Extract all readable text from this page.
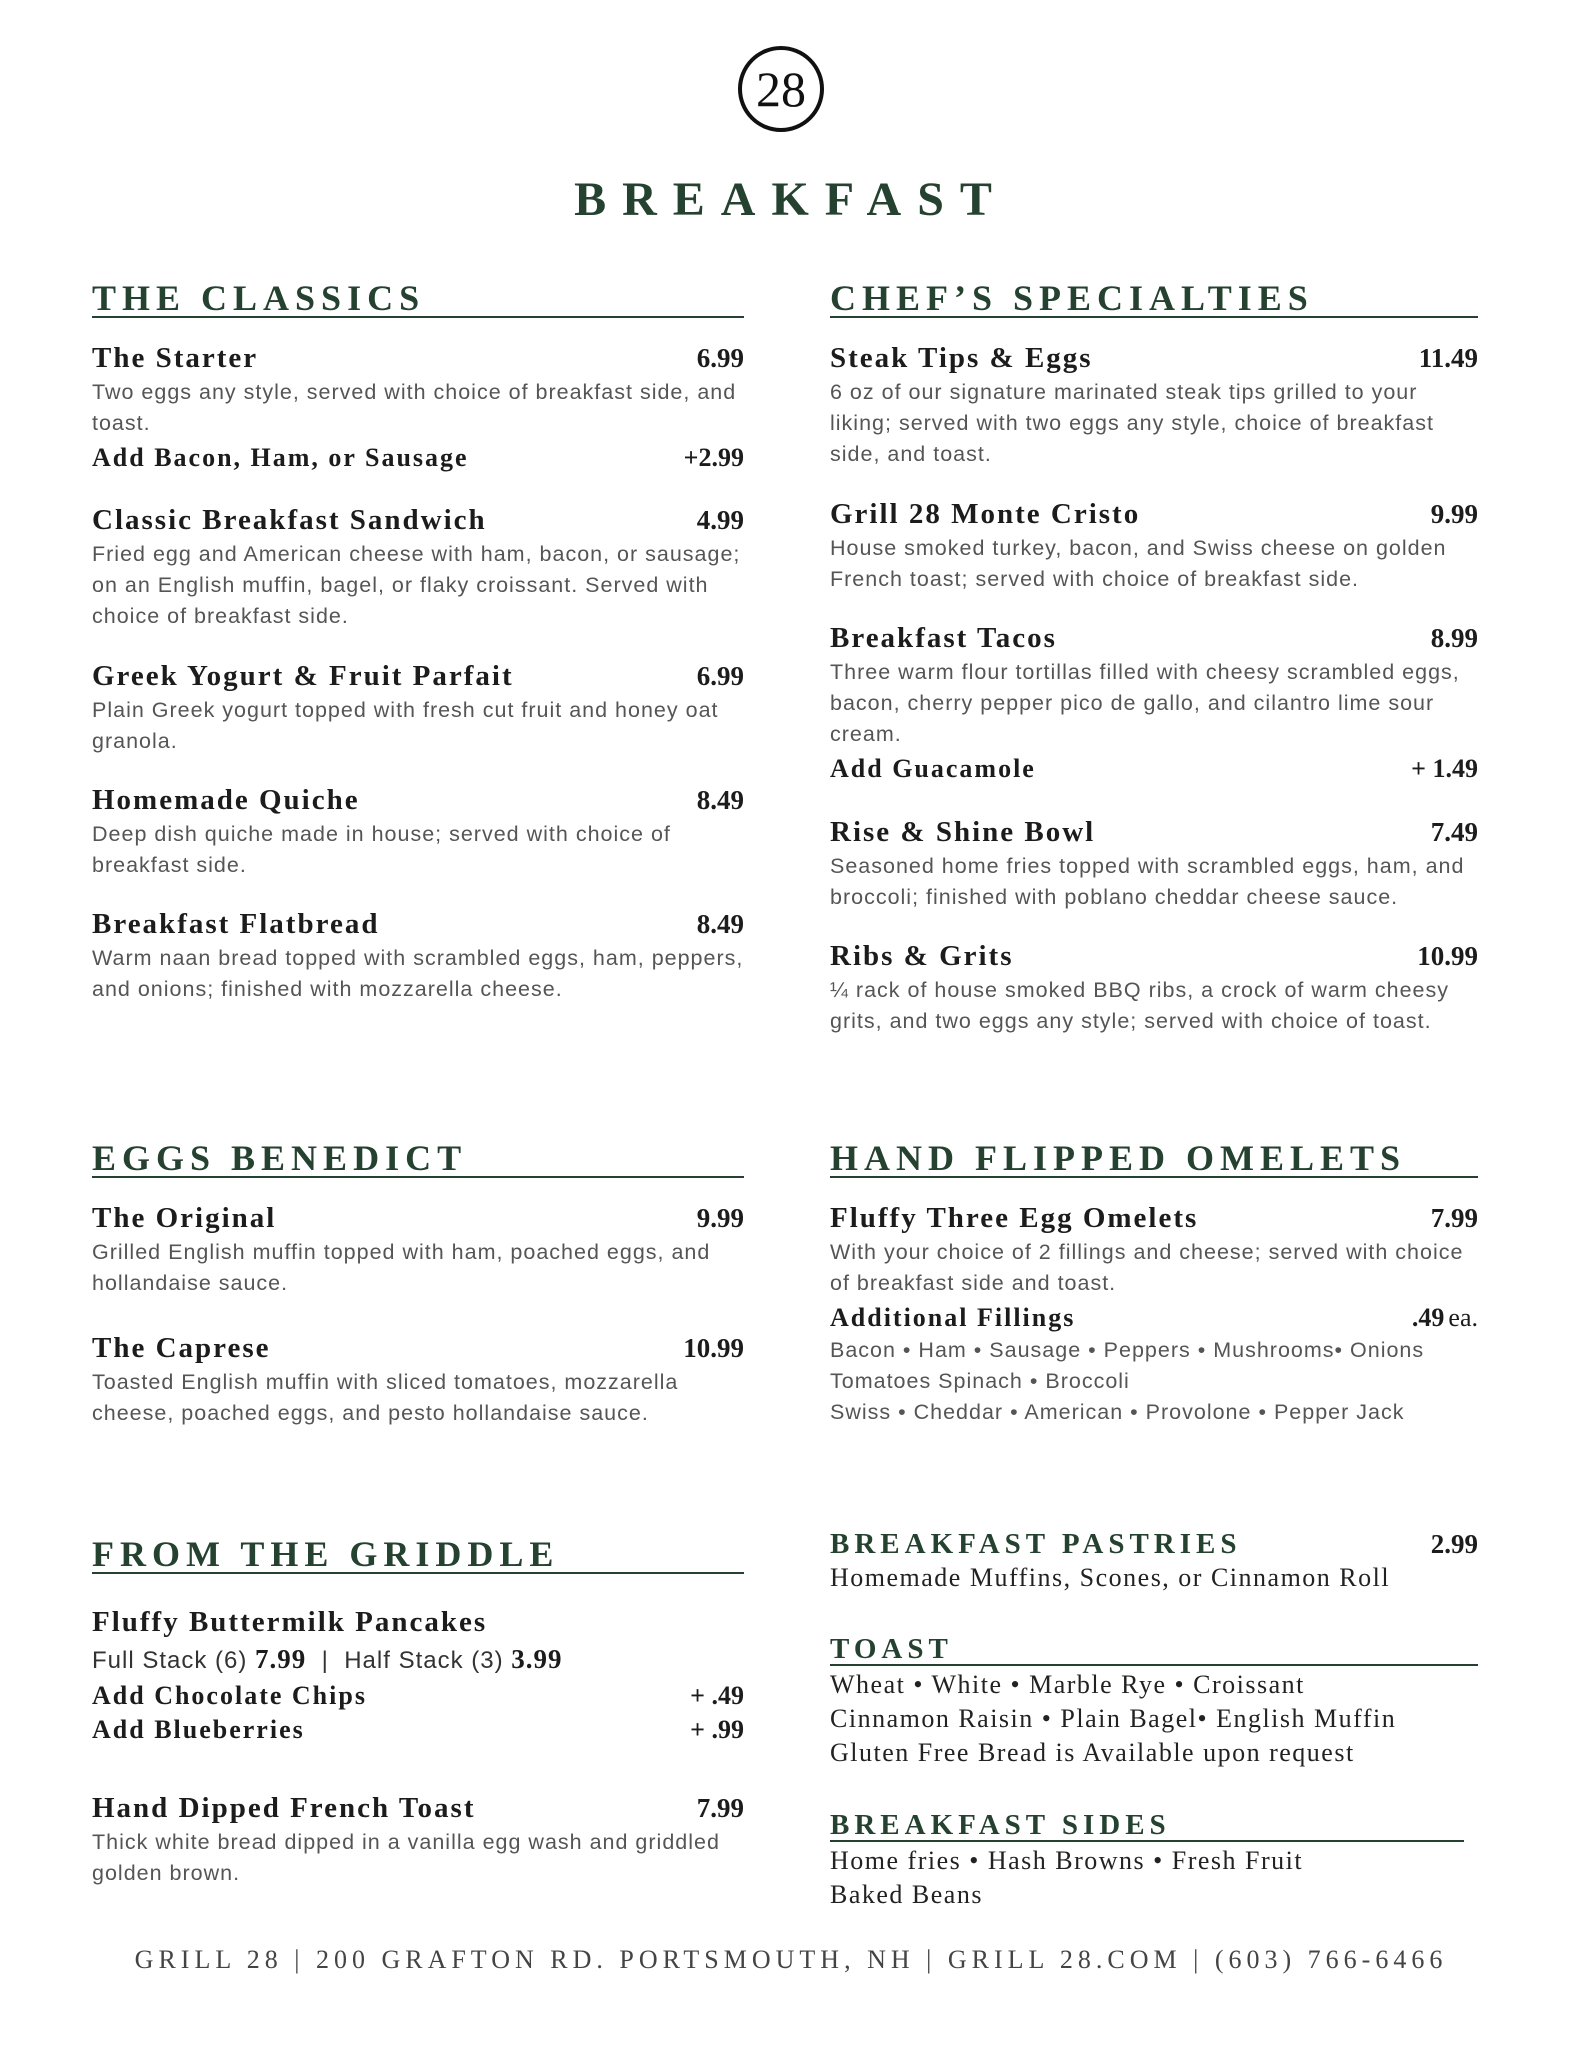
28
BREAKFAST
THE CLASSICS
The Starter	6.99
Two eggs any style, served with choice of breakfast side, and toast.
Add Bacon, Ham, or Sausage	+2.99
Classic Breakfast Sandwich	4.99
Fried egg and American cheese with ham, bacon, or sausage; on an English muffin, bagel, or flaky croissant. Served with choice of breakfast side.
Greek Yogurt & Fruit Parfait	6.99
Plain Greek yogurt topped with fresh cut fruit and honey oat granola.
Homemade Quiche	8.49
Deep dish quiche made in house; served with choice of breakfast side.
Breakfast Flatbread	8.49
Warm naan bread topped with scrambled eggs, ham, peppers, and onions; finished with mozzarella cheese.
CHEF’S SPECIALTIES
Steak Tips & Eggs	11.49
6 oz of our signature marinated steak tips grilled to your liking; served with two eggs any style, choice of breakfast side, and toast.
Grill 28 Monte Cristo	9.99
House smoked turkey, bacon, and Swiss cheese on golden French toast; served with choice of breakfast side.
Breakfast Tacos	8.99
Three warm flour tortillas filled with cheesy scrambled eggs, bacon, cherry pepper pico de gallo, and cilantro lime sour cream.
Add Guacamole	+ 1.49
Rise & Shine Bowl	7.49
Seasoned home fries topped with scrambled eggs, ham, and broccoli; finished with poblano cheddar cheese sauce.
Ribs & Grits	10.99
¼ rack of house smoked BBQ ribs, a crock of warm cheesy grits, and two eggs any style; served with choice of toast.
EGGS BENEDICT
The Original	9.99
Grilled English muffin topped with ham, poached eggs, and hollandaise sauce.
The Caprese	10.99
Toasted English muffin with sliced tomatoes, mozzarella cheese, poached eggs, and pesto hollandaise sauce.
HAND FLIPPED OMELETS
Fluffy Three Egg Omelets	7.99
With your choice of 2 fillings and cheese; served with choice of breakfast side and toast.
Additional Fillings	.49 ea.
Bacon • Ham • Sausage • Peppers • Mushrooms• Onions
Tomatoes Spinach • Broccoli
Swiss • Cheddar • American • Provolone • Pepper Jack
FROM THE GRIDDLE
Fluffy Buttermilk Pancakes
Full Stack (6) 7.99 | Half Stack (3) 3.99
Add Chocolate Chips	+ .49
Add Blueberries	+ .99
Hand Dipped French Toast	7.99
Thick white bread dipped in a vanilla egg wash and griddled golden brown.
BREAKFAST PASTRIES	2.99
Homemade Muffins, Scones, or Cinnamon Roll
TOAST
Wheat • White • Marble Rye • Croissant
Cinnamon Raisin • Plain Bagel• English Muffin
Gluten Free Bread is Available upon request
BREAKFAST SIDES
Home fries • Hash Browns • Fresh Fruit
Baked Beans
GRILL 28 | 200 GRAFTON RD. PORTSMOUTH, NH | GRILL 28.COM | (603) 766-6466
